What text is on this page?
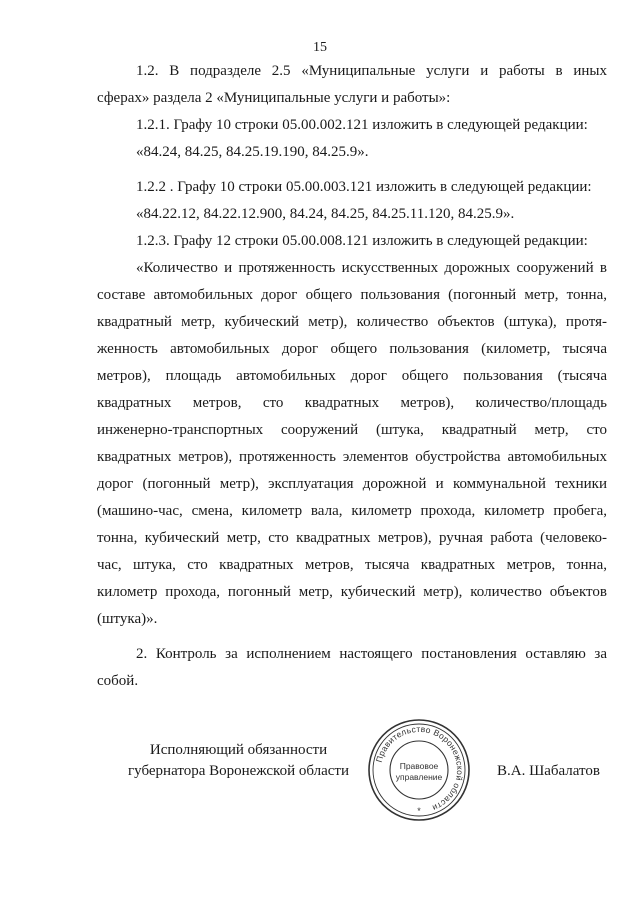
15
1.2. В подразделе 2.5 «Муниципальные услуги и работы в иных
сферах» раздела 2 «Муниципальные услуги и работы»:

1.2.1. Графу 10 строки 05.00.002.121 изложить в следующей редакции:

«84.24, 84.25, 84.25.19.190, 84.25.9».

1.2.2 . Графу 10 строки 05.00.003.121 изложить в следующей редакции:

«84.22.12, 84.22.12.900, 84.24, 84.25, 84.25.11.120, 84.25.9».

1.2.3. Графу 12 строки 05.00.008.121 изложить в следующей редакции:

«Количество и протяженность искусственных дорожных сооружений в
составе автомобильных дорог общего пользования (погонный метр, тонна,
квадратный метр, кубический метр), количество объектов (штука), протя-
женность автомобильных дорог общего пользования (километр, тысяча
метров), площадь автомобильных дорог общего пользования (тысяча
квадратных метров, сто квадратных метров), количество/площадь
инженерно-транспортных сооружений (штука, квадратный метр, сто
квадратных метров), протяженность элементов обустройства автомобильных
дорог (погонный метр), эксплуатация дорожной и коммунальной техники
(машино-час, смена, километр вала, километр прохода, километр пробега,
тонна, кубический метр, сто квадратных метров), ручная работа (человеко-
час, штука, сто квадратных метров, тысяча квадратных метров, тонна,
километр прохода, погонный метр, кубический метр), количество объектов
(штука)».
2. Контроль за исполнением настоящего постановления оставляю за
собой.
Исполняющий обязанности
губернатора Воронежской области
Правительство Воронежской области
Правовое
управление
*
В.А. Шабалатов
